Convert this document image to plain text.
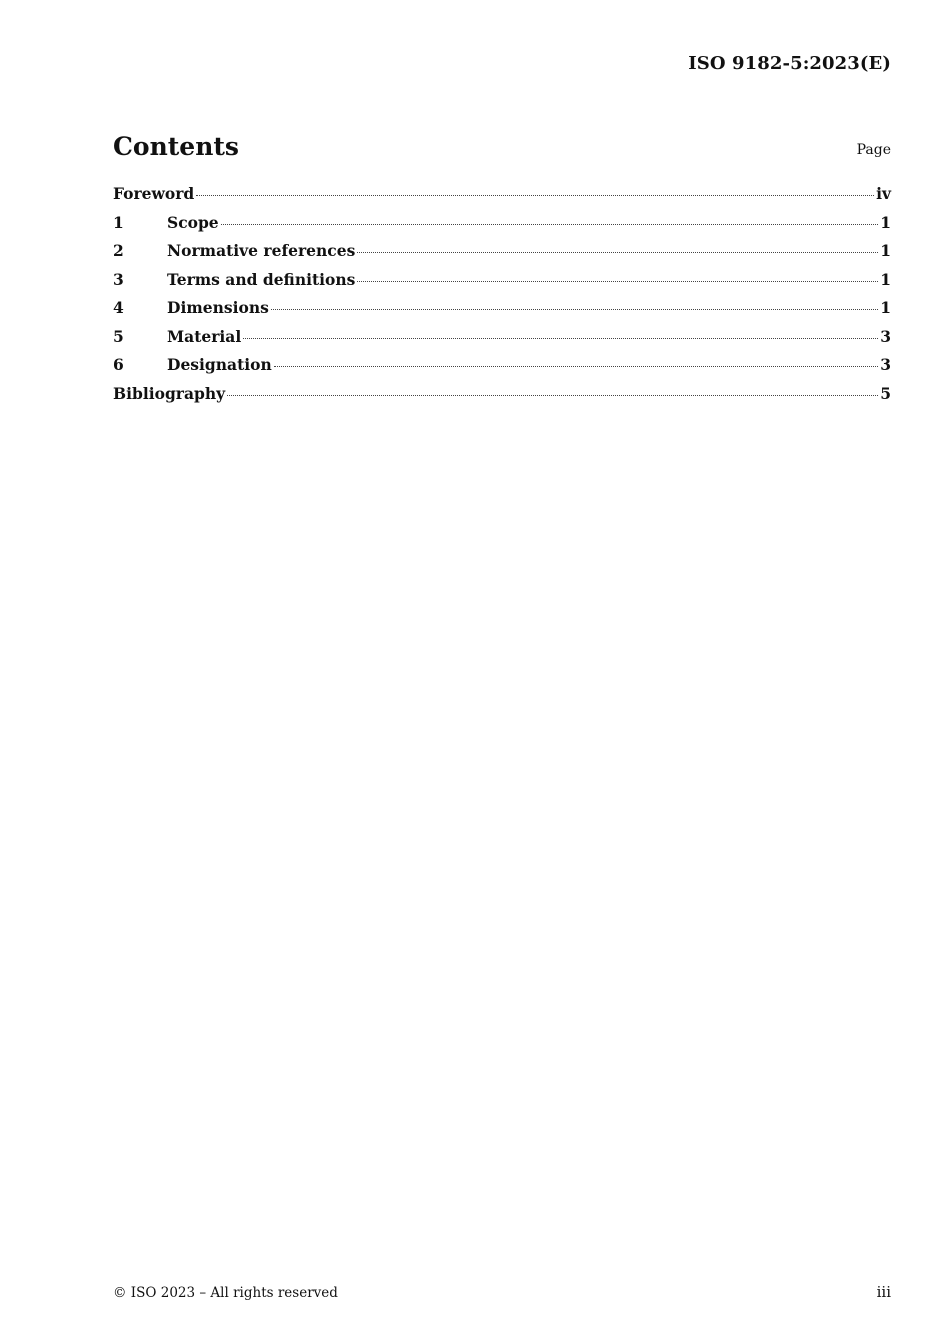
ISO 9182-5:2023(E)
Contents	Page
Foreword	iv
1	Scope	1
2	Normative references	1
3	Terms and definitions	1
4	Dimensions	1
5	Material	3
6	Designation	3
Bibliography	5
© ISO 2023 – All rights reserved	iii
